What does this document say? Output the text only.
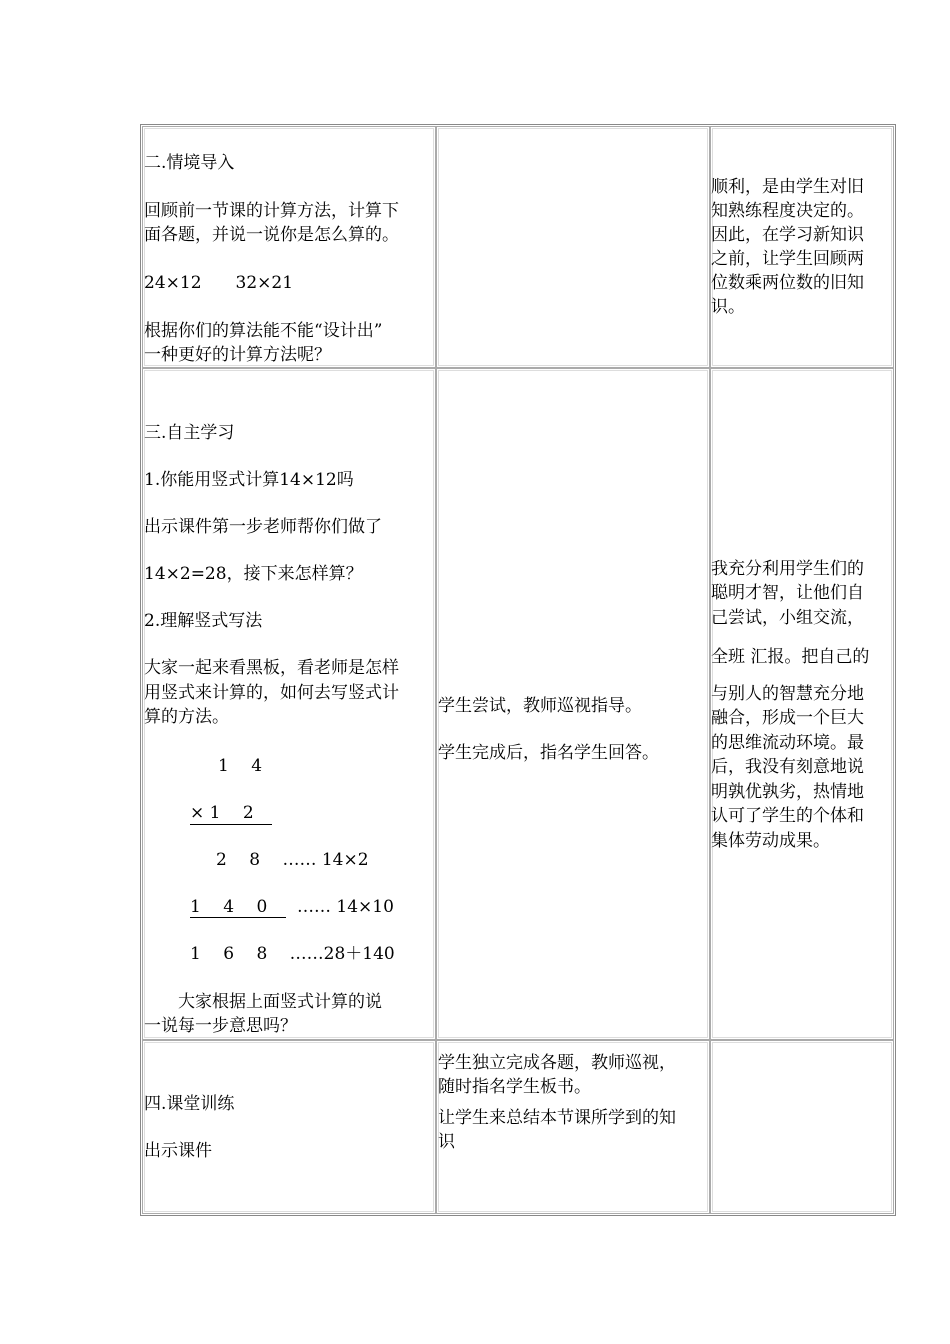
二.情境导入
回顾前一节课的计算方法，计算下
面各题，并说一说你是怎么算的。
24×12　　32×21
根据你们的算法能不能“设计出”
一种更好的计算方法呢？
顺利，是由学生对旧
知熟练程度决定的。
因此，在学习新知识
之前，让学生回顾两
位数乘两位数的旧知
识。
三.自主学习
1.你能用竖式计算14×12吗
出示课件第一步老师帮你们做了
14×2=28，接下来怎样算？
2.理解竖式写法
大家一起来看黑板，看老师是怎样
用竖式来计算的，如何去写竖式计
算的方法。
1　 4
× 1　 2
2　 8　 …… 14×2
1　 4　 0 …… 14×10
1　 6　 8　 ……28＋140
　　大家根据上面竖式计算的说
一说每一步意思吗？
学生尝试，教师巡视指导。
学生完成后，指名学生回答。
我充分利用学生们的
聪明才智，让他们自
己尝试，小组交流，
全班 汇报。把自己的
与别人的智慧充分地
融合，形成一个巨大
的思维流动环境。最
后，我没有刻意地说
明孰优孰劣，热情地
认可了学生的个体和
集体劳动成果。
四.课堂训练
出示课件
学生独立完成各题，教师巡视，
随时指名学生板书。
让学生来总结本节课所学到的知
识
